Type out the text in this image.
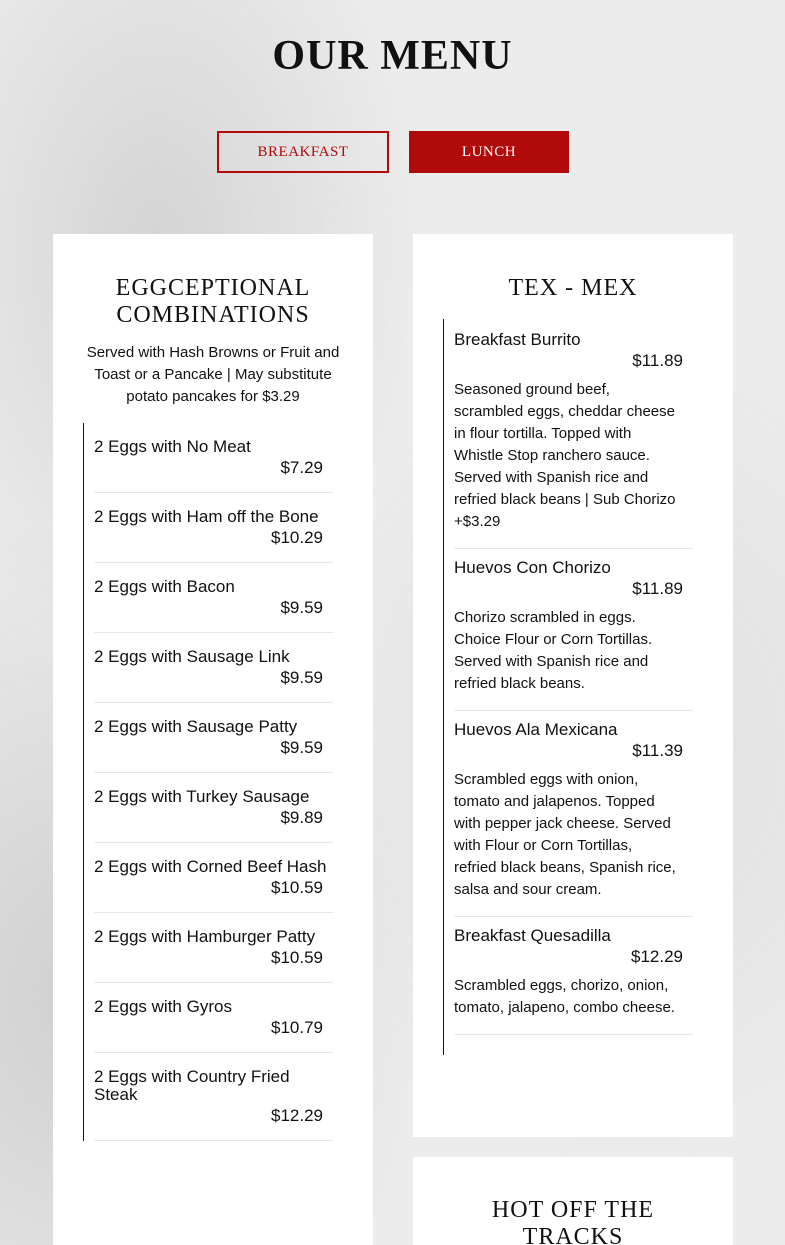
OUR MENU
BREAKFAST	LUNCH
EGGCEPTIONAL COMBINATIONS
Served with Hash Browns or Fruit and Toast or a Pancake | May substitute potato pancakes for $3.29
2 Eggs with No Meat
$7.29
2 Eggs with Ham off the Bone
$10.29
2 Eggs with Bacon
$9.59
2 Eggs with Sausage Link
$9.59
2 Eggs with Sausage Patty
$9.59
2 Eggs with Turkey Sausage
$9.89
2 Eggs with Corned Beef Hash
$10.59
2 Eggs with Hamburger Patty
$10.59
2 Eggs with Gyros
$10.79
2 Eggs with Country Fried Steak
$12.29
TEX - MEX
Breakfast Burrito
$11.89
Seasoned ground beef, scrambled eggs, cheddar cheese in flour tortilla. Topped with Whistle Stop ranchero sauce. Served with Spanish rice and refried black beans | Sub Chorizo +$3.29
Huevos Con Chorizo
$11.89
Chorizo scrambled in eggs. Choice Flour or Corn Tortillas. Served with Spanish rice and refried black beans.
Huevos Ala Mexicana
$11.39
Scrambled eggs with onion, tomato and jalapenos. Topped with pepper jack cheese. Served with Flour or Corn Tortillas, refried black beans, Spanish rice, salsa and sour cream.
Breakfast Quesadilla
$12.29
Scrambled eggs, chorizo, onion, tomato, jalapeno, combo cheese.
HOT OFF THE TRACKS
